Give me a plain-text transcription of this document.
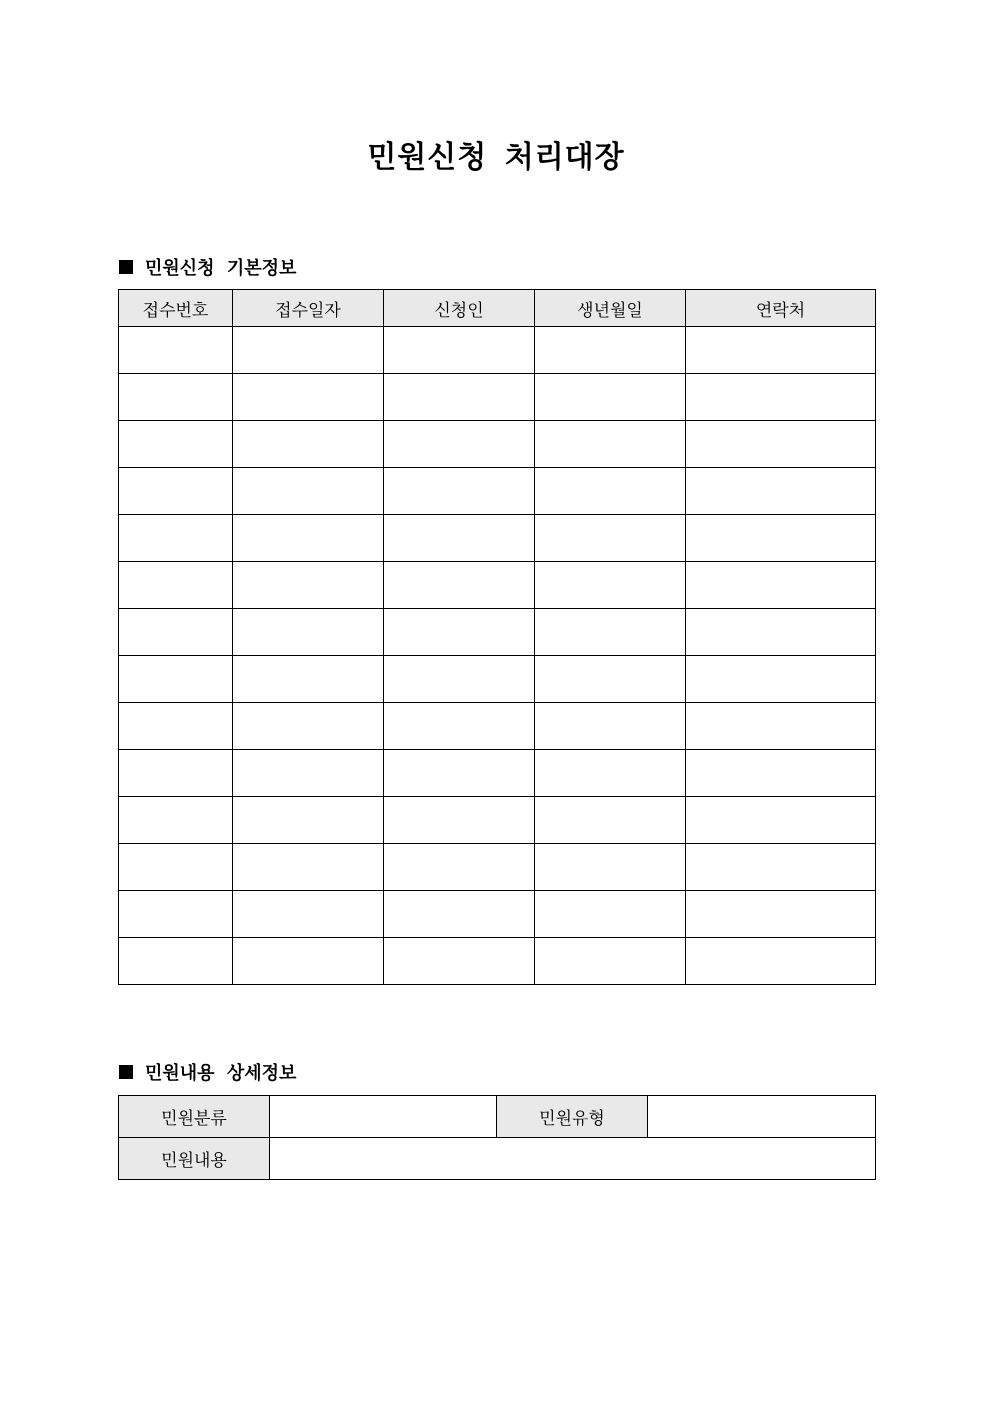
민원신청 처리대장
민원신청 기본정보
접수번호	접수일자	신청인	생년월일	연락처

민원내용 상세정보
민원분류		민원유형	
민원내용			
